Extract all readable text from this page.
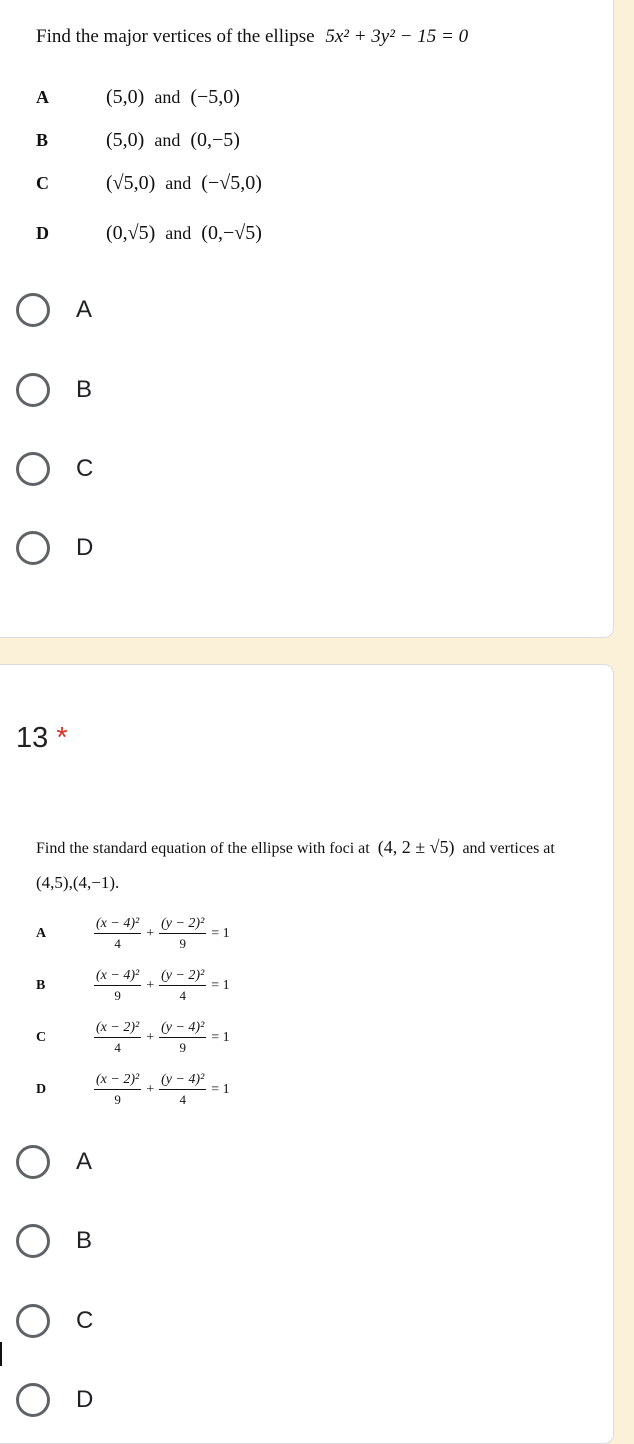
Find the major vertices of the ellipse 5x² + 3y² − 15 = 0
A	(5,0) and (−5,0)
B	(5,0) and (0,−5)
C	(√5,0) and (−√5,0)
D	(0,√5) and (0,−√5)
A
B
C
D
13 *
Find the standard equation of the ellipse with foci at (4, 2 ± √5) and vertices at
(4,5),(4,−1).
A	$\frac{\text{(x − 4)²}}{4} + \frac{\text{(y − 2)²}}{9} = 1$
B	$\frac{\text{(x − 4)²}}{9} + \frac{\text{(y − 2)²}}{4} = 1$
C	$\frac{\text{(x − 2)²}}{4} + \frac{\text{(y − 4)²}}{9} = 1$
D	$\frac{\text{(x − 2)²}}{9} + \frac{\text{(y − 4)²}}{4} = 1$
A
B
C
D
